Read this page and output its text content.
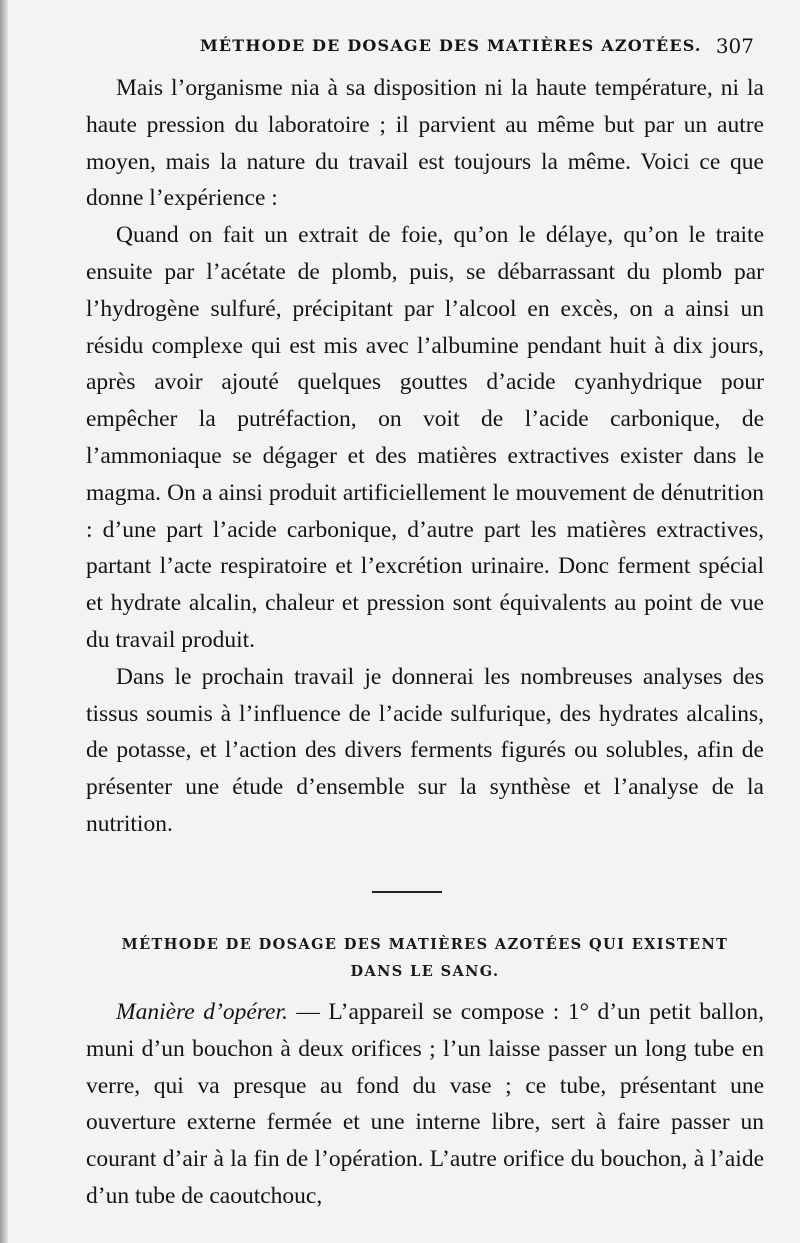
MÉTHODE DE DOSAGE DES MATIÈRES AZOTÉES. 307

Mais l’organisme nia à sa disposition ni la haute température, ni la haute pression du laboratoire ; il parvient au même but par un autre moyen, mais la nature du travail est toujours la même. Voici ce que donne l’expérience :

Quand on fait un extrait de foie, qu’on le délaye, qu’on le traite ensuite par l’acétate de plomb, puis, se débarrassant du plomb par l’hydrogène sulfuré, précipitant par l’alcool en excès, on a ainsi un résidu complexe qui est mis avec l’albumine pendant huit à dix jours, après avoir ajouté quelques gouttes d’acide cyanhydrique pour empêcher la putréfaction, on voit de l’acide carbonique, de l’ammoniaque se dégager et des matières extractives exister dans le magma. On a ainsi produit artificiellement le mouvement de dénutrition : d’une part l’acide carbonique, d’autre part les matières extractives, partant l’acte respiratoire et l’excrétion urinaire. Donc ferment spécial et hydrate alcalin, chaleur et pression sont équivalents au point de vue du travail produit.

Dans le prochain travail je donnerai les nombreuses analyses des tissus soumis à l’influence de l’acide sulfurique, des hydrates alcalins, de potasse, et l’action des divers ferments figurés ou solubles, afin de présenter une étude d’ensemble sur la synthèse et l’analyse de la nutrition.

MÉTHODE DE DOSAGE DES MATIÈRES AZOTÉES QUI EXISTENT
DANS LE SANG.

Manière d’opérer. — L’appareil se compose : 1° d’un petit ballon, muni d’un bouchon à deux orifices ; l’un laisse passer un long tube en verre, qui va presque au fond du vase ; ce tube, présentant une ouverture externe fermée et une interne libre, sert à faire passer un courant d’air à la fin de l’opération. L’autre orifice du bouchon, à l’aide d’un tube de caoutchouc,
